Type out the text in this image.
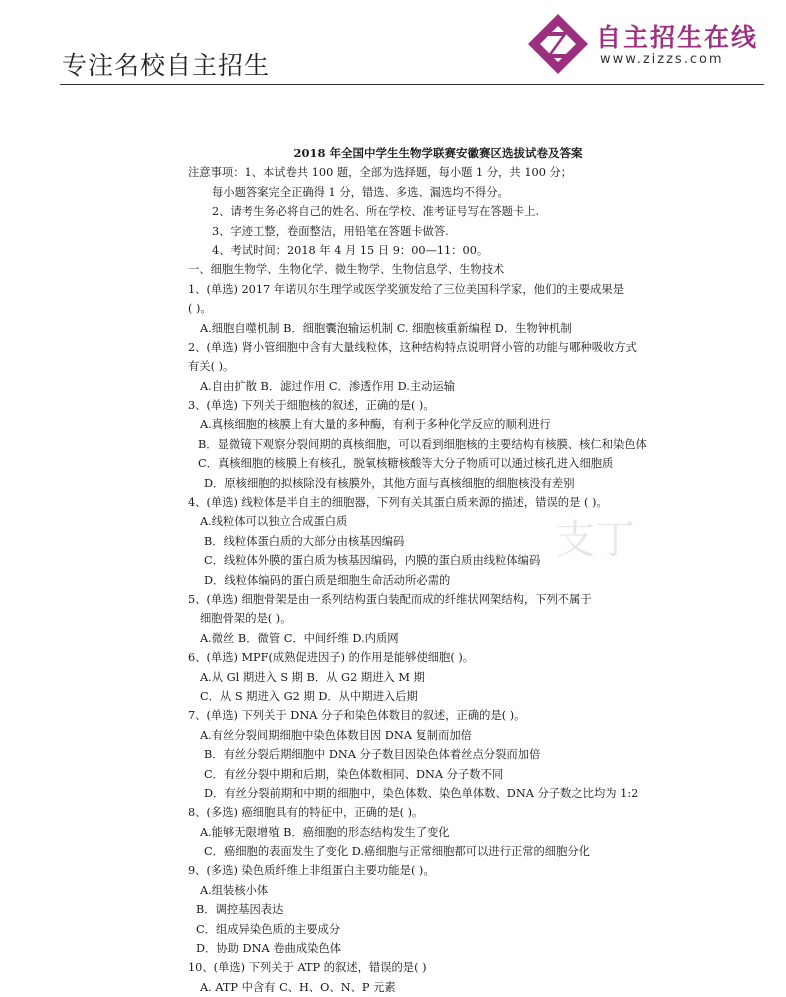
专注名校自主招生
自主招生在线
www.zizzs.com
支丁
2018 年全国中学生生物学联赛安徽赛区选拔试卷及答案
注意事项：1、本试卷共 100 题，全部为选择题，每小题 1 分，共 100 分；
每小题答案完全正确得 1 分，错选、多选、漏选均不得分。
2、请考生务必将自己的姓名、所在学校、准考证号写在答题卡上.
3、字迹工整，卷面整洁，用铅笔在答题卡做答.
4、考试时间：2018 年 4 月 15 日 9：00—11：00。
一、细胞生物学、生物化学、微生物学、生物信息学、生物技术
1、(单选) 2017 年诺贝尔生理学或医学奖颁发给了三位美国科学家，他们的主要成果是
( )。
A.细胞自噬机制 B．细胞囊泡输运机制 C. 细胞核重新编程 D．生物钟机制
2、(单选) 肾小管细胞中含有大量线粒体，这种结构特点说明肾小管的功能与哪种吸收方式
有关( )。
A.自由扩散 B．滤过作用 C．渗透作用 D.主动运输
3、(单选) 下列关于细胞核的叙述，正确的是( )。
A.真核细胞的核膜上有大量的多种酶，有利于多种化学反应的顺利进行
B．显微镜下观察分裂间期的真核细胞，可以看到细胞核的主要结构有核膜、核仁和染色体
C．真核细胞的核膜上有核孔，脱氧核糖核酸等大分子物质可以通过核孔进入细胞质
D．原核细胞的拟核除没有核膜外，其他方面与真核细胞的细胞核没有差别
4、(单选) 线粒体是半自主的细胞器，下列有关其蛋白质来源的描述，错误的是 ( )。
A.线粒体可以独立合成蛋白质
B．线粒体蛋白质的大部分由核基因编码
C．线粒体外膜的蛋白质为核基因编码，内膜的蛋白质由线粒体编码
D．线粒体编码的蛋白质是细胞生命活动所必需的
5、(单选) 细胞骨架是由一系列结构蛋白装配而成的纤维状网架结构，下列不属于
细胞骨架的是( )。
A.微丝 B．微管 C．中间纤维 D.内质网
6、(单选) MPF(成熟促进因子) 的作用是能够使细胞( )。
A.从 Gl 期进入 S 期 B．从 G2 期进入 M 期
C．从 S 期进入 G2 期 D．从中期进入后期
7、(单选) 下列关于 DNA 分子和染色体数目的叙述，正确的是( )。
A.有丝分裂间期细胞中染色体数目因 DNA 复制而加倍
B．有丝分裂后期细胞中 DNA 分子数目因染色体着丝点分裂而加倍
C．有丝分裂中期和后期，染色体数相同、DNA 分子数不同
D．有丝分裂前期和中期的细胞中，染色体数、染色单体数、DNA 分子数之比均为 1:2
8、(多选) 癌细胞具有的特征中，正确的是( )。
A.能够无限增殖 B．癌细胞的形态结构发生了变化
C．癌细胞的表面发生了变化 D.癌细胞与正常细胞都可以进行正常的细胞分化
9、(多选) 染色质纤维上非组蛋白主要功能是( )。
A.组装核小体
B．调控基因表达
C．组成异染色质的主要成分
D．协助 DNA 卷曲成染色体
10、(单选) 下列关于 ATP 的叙述，错误的是( )
A. ATP 中含有 C、H、O、N、P 元素
